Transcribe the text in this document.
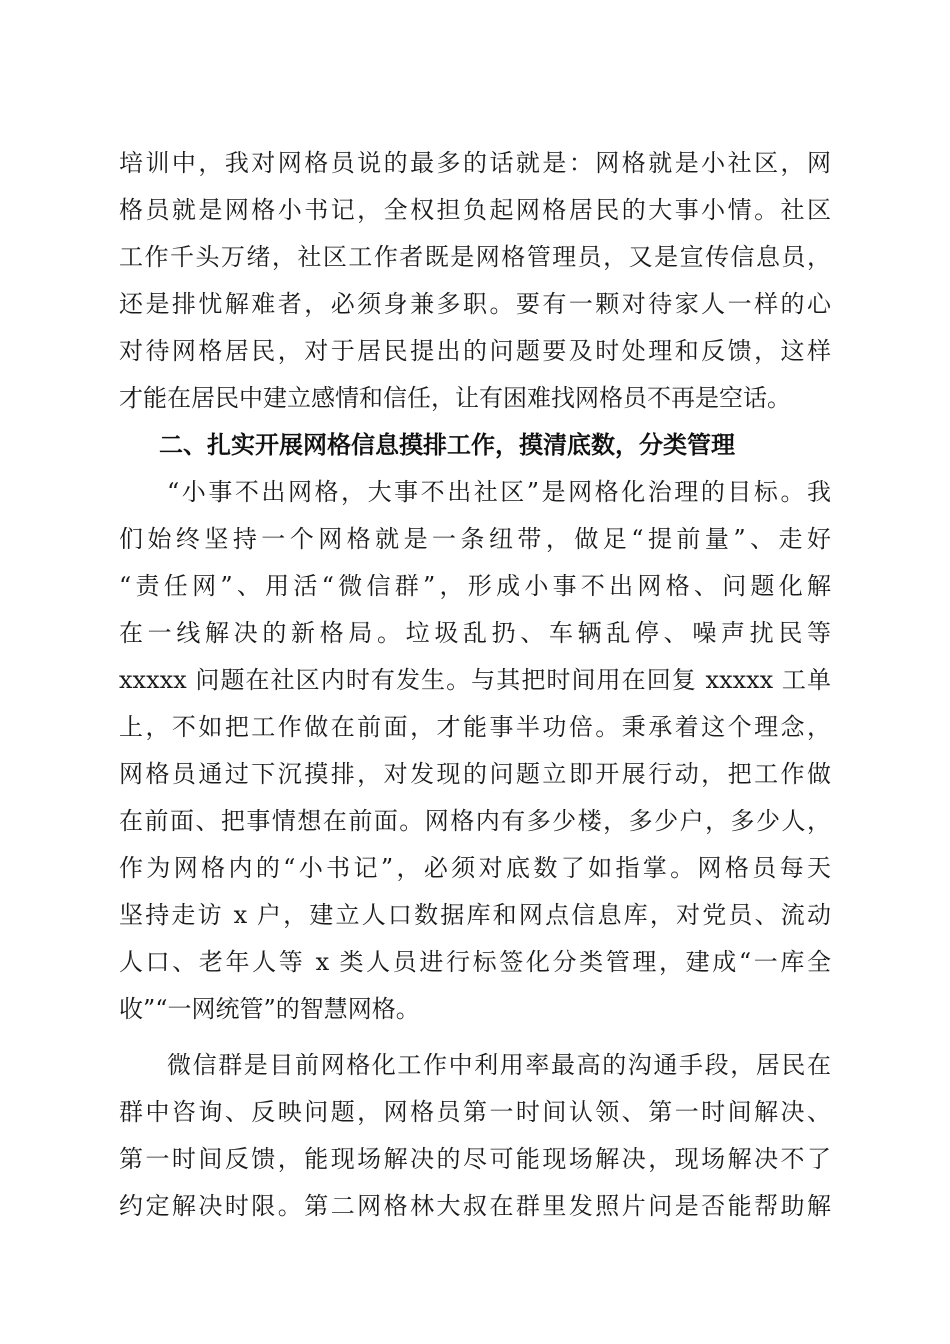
培训中，我对网格员说的最多的话就是：网格就是小社区，网
格员就是网格小书记，全权担负起网格居民的大事小情。社区
工作千头万绪，社区工作者既是网格管理员，又是宣传信息员，
还是排忧解难者，必须身兼多职。要有一颗对待家人一样的心
对待网格居民，对于居民提出的问题要及时处理和反馈，这样
才能在居民中建立感情和信任，让有困难找网格员不再是空话。
二、扎实开展网格信息摸排工作，摸清底数，分类管理
“小事不出网格，大事不出社区”是网格化治理的目标。我
们始终坚持一个网格就是一条纽带，做足“提前量”、走好
“责任网”、用活“微信群”，形成小事不出网格、问题化解
在一线解决的新格局。垃圾乱扔、车辆乱停、噪声扰民等
xxxxx 问题在社区内时有发生。与其把时间用在回复 xxxxx 工单
上，不如把工作做在前面，才能事半功倍。秉承着这个理念，
网格员通过下沉摸排，对发现的问题立即开展行动，把工作做
在前面、把事情想在前面。网格内有多少楼，多少户，多少人，
作为网格内的“小书记”，必须对底数了如指掌。网格员每天
坚持走访 x 户，建立人口数据库和网点信息库，对党员、流动
人口、老年人等 x 类人员进行标签化分类管理，建成“一库全
收”“一网统管”的智慧网格。
微信群是目前网格化工作中利用率最高的沟通手段，居民在
群中咨询、反映问题，网格员第一时间认领、第一时间解决、
第一时间反馈，能现场解决的尽可能现场解决，现场解决不了
约定解决时限。第二网格林大叔在群里发照片问是否能帮助解
